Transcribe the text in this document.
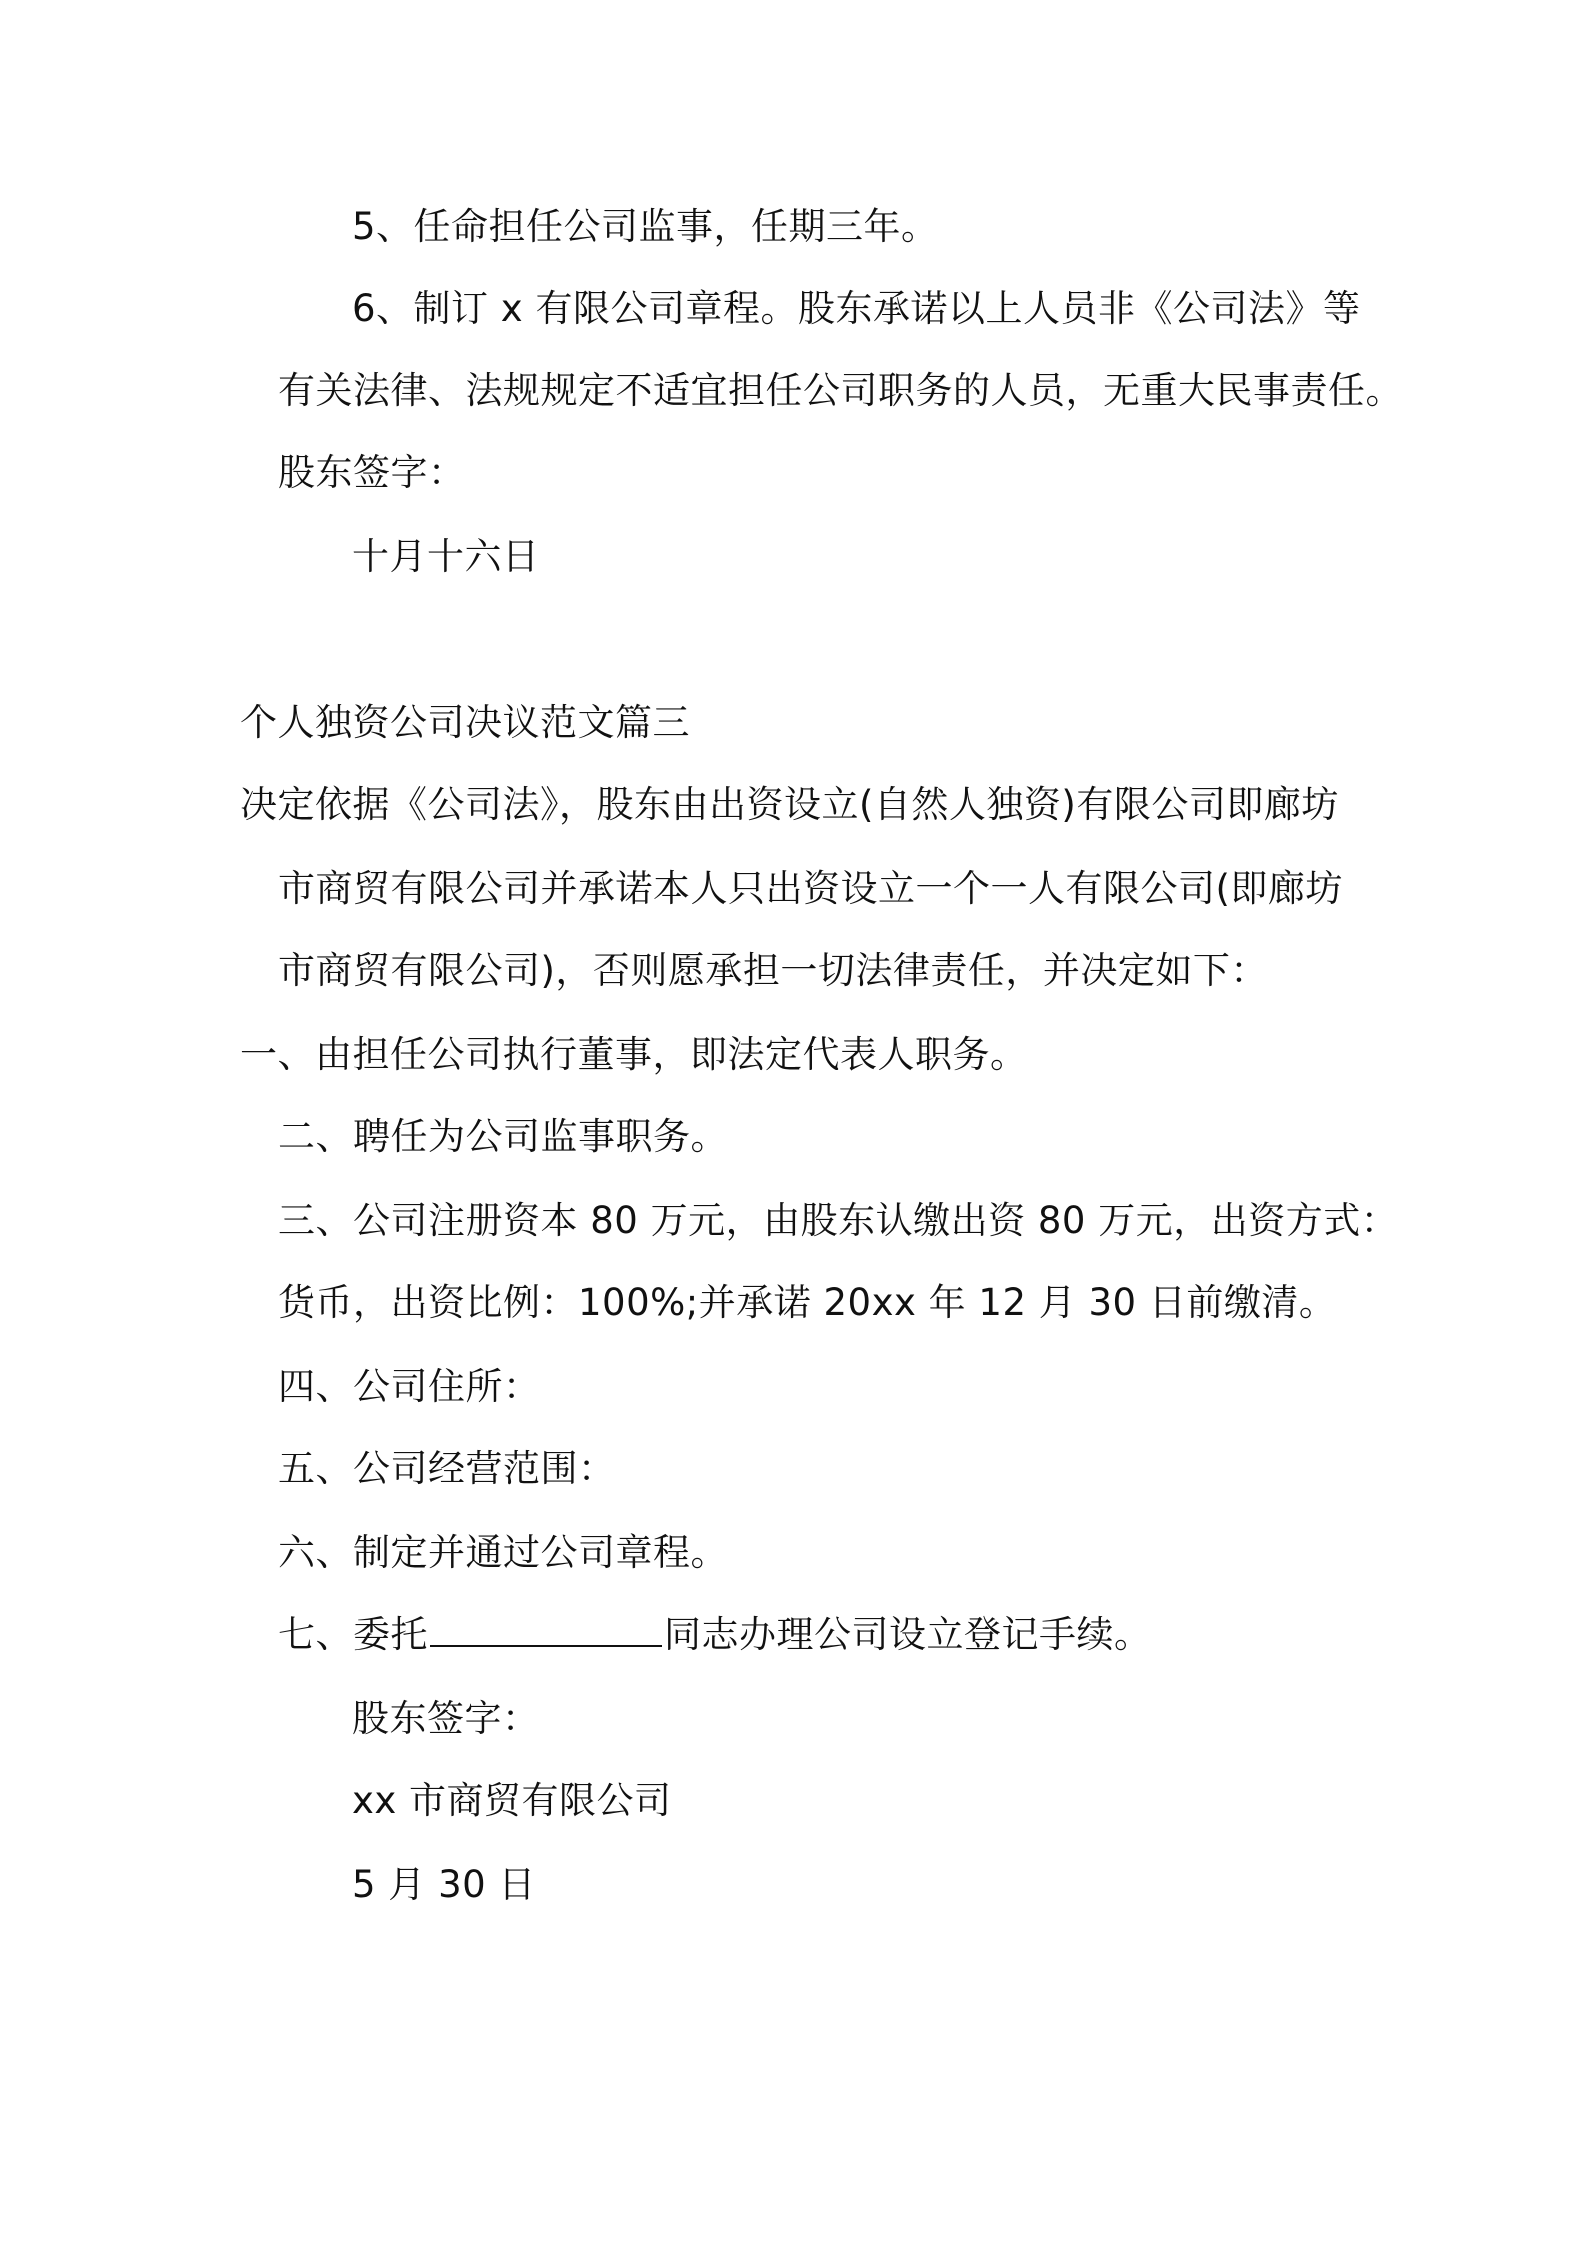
5、任命担任公司监事，任期三年。
6、制订 x 有限公司章程。股东承诺以上人员非《公司法》等
有关法律、法规规定不适宜担任公司职务的人员，无重大民事责任。
股东签字：
十月十六日
个人独资公司决议范文篇三
决定依据《公司法》，股东由出资设立(自然人独资)有限公司即廊坊
市商贸有限公司并承诺本人只出资设立一个一人有限公司(即廊坊
市商贸有限公司)，否则愿承担一切法律责任，并决定如下：
一、由担任公司执行董事，即法定代表人职务。
二、聘任为公司监事职务。
三、公司注册资本 80 万元，由股东认缴出资 80 万元，出资方式：
货币，出资比例：100%;并承诺 20xx 年 12 月 30 日前缴清。
四、公司住所：
五、公司经营范围：
六、制定并通过公司章程。
七、委托	同志办理公司设立登记手续。
股东签字：
xx 市商贸有限公司
5 月 30 日
